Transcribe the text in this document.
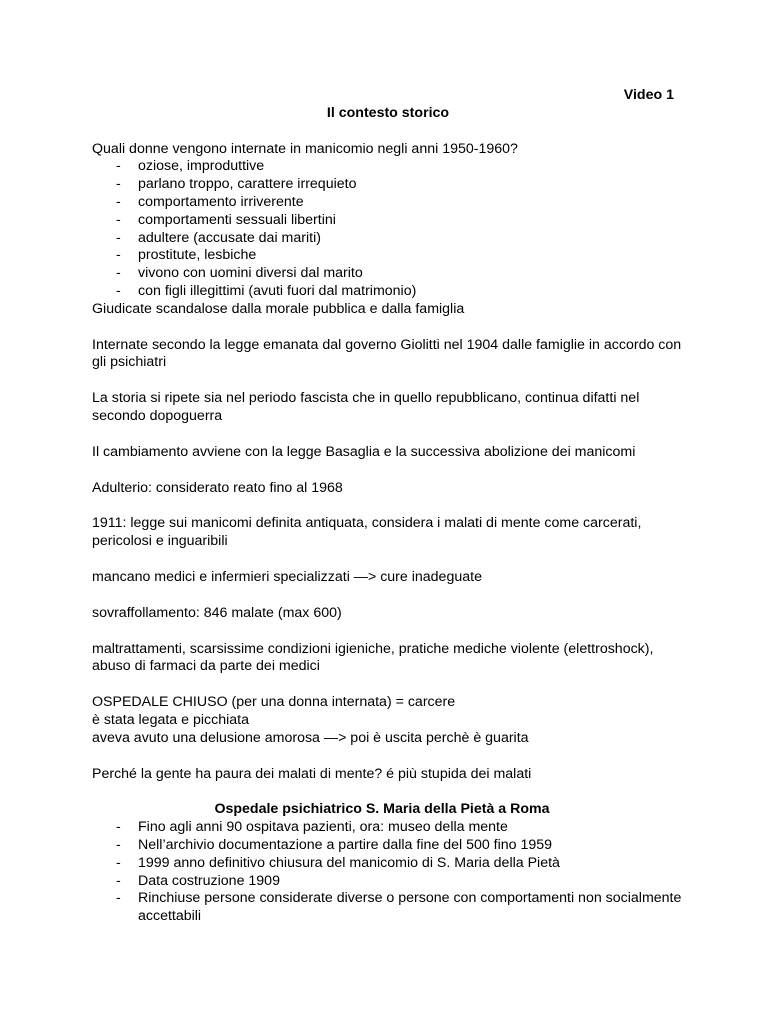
Video 1
Il contesto storico

Quali donne vengono internate in manicomio negli anni 1950-1960?

- oziose, improduttive
- parlano troppo, carattere irrequieto
- comportamento irriverente
- comportamenti sessuali libertini
- adultere (accusate dai mariti)
- prostitute, lesbiche
- vivono con uomini diversi dal marito
- con figli illegittimi (avuti fuori dal matrimonio)

Giudicate scandalose dalla morale pubblica e dalla famiglia

Internate secondo la legge emanata dal governo Giolitti nel 1904 dalle famiglie in accordo con gli psichiatri

La storia si ripete sia nel periodo fascista che in quello repubblicano, continua difatti nel secondo dopoguerra

Il cambiamento avviene con la legge Basaglia e la successiva abolizione dei manicomi

Adulterio: considerato reato fino al 1968

1911: legge sui manicomi definita antiquata, considera i malati di mente come carcerati, pericolosi e inguaribili

mancano medici e infermieri specializzati —> cure inadeguate

sovraffollamento: 846 malate (max 600)

maltrattamenti, scarsissime condizioni igieniche, pratiche mediche violente (elettroshock), abuso di farmaci da parte dei medici

OSPEDALE CHIUSO (per una donna internata) = carcere

è stata legata e picchiata

aveva avuto una delusione amorosa —> poi è uscita perchè è guarita

Perché la gente ha paura dei malati di mente? é più stupida dei malati

Ospedale psichiatrico S. Maria della Pietà a Roma
- Fino agli anni 90 ospitava pazienti, ora: museo della mente
- Nell’archivio documentazione a partire dalla fine del 500 fino 1959
- 1999 anno definitivo chiusura del manicomio di S. Maria della Pietà
- Data costruzione 1909
- Rinchiuse persone considerate diverse o persone con comportamenti non socialmente accettabili
